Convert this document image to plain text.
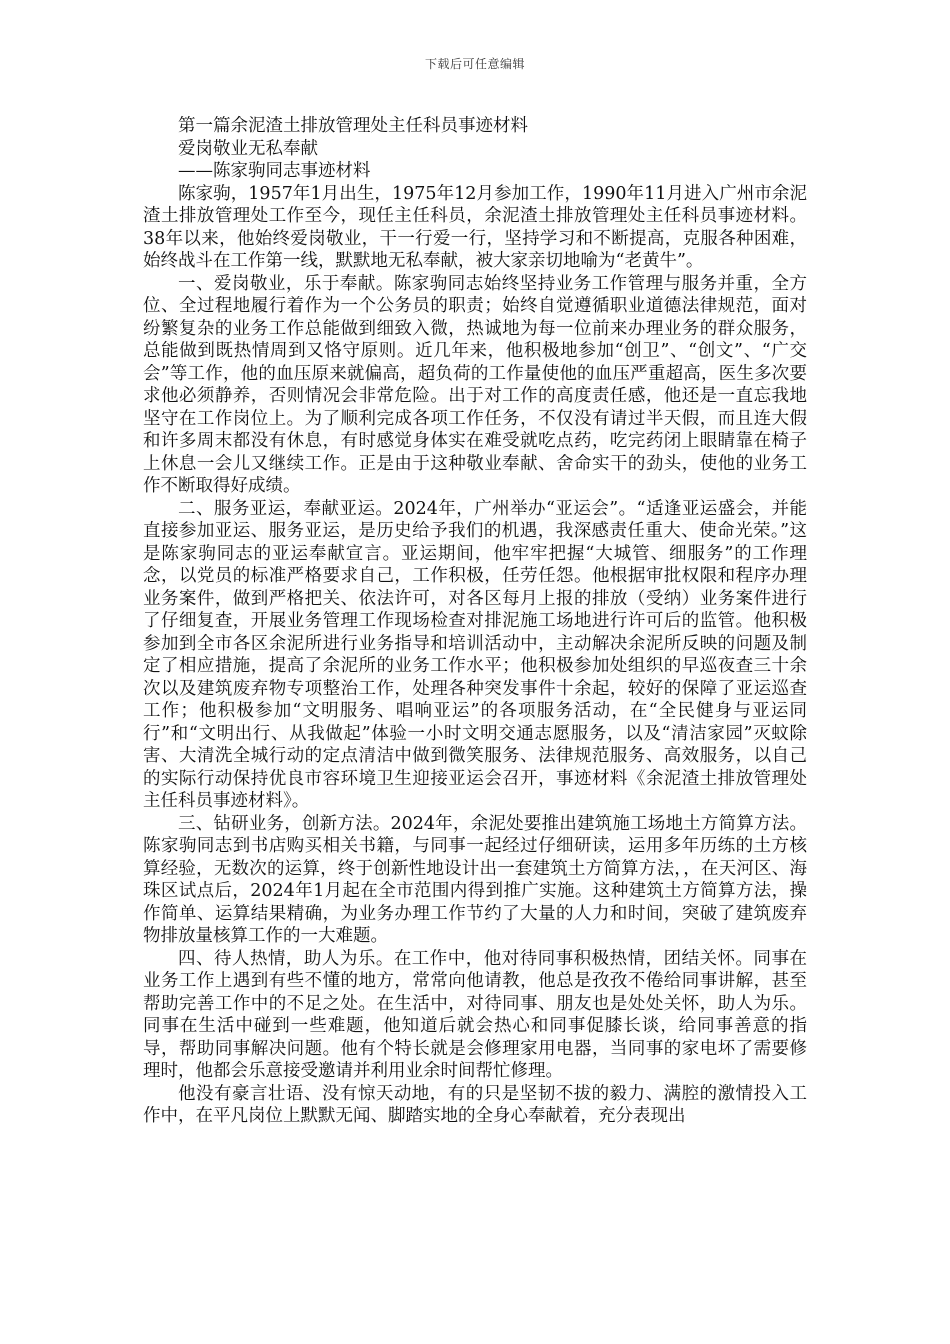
下载后可任意编辑

第一篇余泥渣土排放管理处主任科员事迹材料

爱岗敬业无私奉献

——陈家驹同志事迹材料

陈家驹，1957年1月出生，1975年12月参加工作，1990年11月进入广州市余泥渣土排放管理处工作至今，现任主任科员，余泥渣土排放管理处主任科员事迹材料。38年以来，他始终爱岗敬业，干一行爱一行，坚持学习和不断提高，克服各种困难，始终战斗在工作第一线，默默地无私奉献，被大家亲切地喻为“老黄牛”。

一、爱岗敬业，乐于奉献。陈家驹同志始终坚持业务工作管理与服务并重，全方位、全过程地履行着作为一个公务员的职责；始终自觉遵循职业道德法律规范，面对纷繁复杂的业务工作总能做到细致入微，热诚地为每一位前来办理业务的群众服务，总能做到既热情周到又恪守原则。近几年来，他积极地参加“创卫”、“创文”、“广交会”等工作，他的血压原来就偏高，超负荷的工作量使他的血压严重超高，医生多次要求他必须静养，否则情况会非常危险。出于对工作的高度责任感，他还是一直忘我地坚守在工作岗位上。为了顺利完成各项工作任务，不仅没有请过半天假，而且连大假和许多周末都没有休息，有时感觉身体实在难受就吃点药，吃完药闭上眼睛靠在椅子上休息一会儿又继续工作。正是由于这种敬业奉献、舍命实干的劲头，使他的业务工作不断取得好成绩。

二、服务亚运，奉献亚运。2024年，广州举办“亚运会”。“适逢亚运盛会，并能直接参加亚运、服务亚运，是历史给予我们的机遇，我深感责任重大、使命光荣。”这是陈家驹同志的亚运奉献宣言。亚运期间，他牢牢把握“大城管、细服务”的工作理念，以党员的标准严格要求自己，工作积极，任劳任怨。他根据审批权限和程序办理业务案件，做到严格把关、依法许可，对各区每月上报的排放（受纳）业务案件进行了仔细复查，开展业务管理工作现场检查对排泥施工场地进行许可后的监管。他积极参加到全市各区余泥所进行业务指导和培训活动中，主动解决余泥所反映的问题及制定了相应措施，提高了余泥所的业务工作水平；他积极参加处组织的早巡夜查三十余次以及建筑废弃物专项整治工作，处理各种突发事件十余起，较好的保障了亚运巡查工作；他积极参加“文明服务、唱响亚运”的各项服务活动，在“全民健身与亚运同行”和“文明出行、从我做起”体验一小时文明交通志愿服务，以及“清洁家园”灭蚊除害、大清洗全城行动的定点清洁中做到微笑服务、法律规范服务、高效服务，以自己的实际行动保持优良市容环境卫生迎接亚运会召开，事迹材料《余泥渣土排放管理处主任科员事迹材料》。

三、钻研业务，创新方法。2024年，余泥处要推出建筑施工场地土方简算方法。陈家驹同志到书店购买相关书籍，与同事一起经过仔细研读，运用多年历练的土方核算经验，无数次的运算，终于创新性地设计出一套建筑土方简算方法，，在天河区、海珠区试点后，2024年1月起在全市范围内得到推广实施。这种建筑土方简算方法，操作简单、运算结果精确，为业务办理工作节约了大量的人力和时间，突破了建筑废弃物排放量核算工作的一大难题。

四、待人热情，助人为乐。在工作中，他对待同事积极热情，团结关怀。同事在业务工作上遇到有些不懂的地方，常常向他请教，他总是孜孜不倦给同事讲解，甚至帮助完善工作中的不足之处。在生活中，对待同事、朋友也是处处关怀，助人为乐。同事在生活中碰到一些难题，他知道后就会热心和同事促膝长谈，给同事善意的指导，帮助同事解决问题。他有个特长就是会修理家用电器，当同事的家电坏了需要修理时，他都会乐意接受邀请并利用业余时间帮忙修理。

他没有豪言壮语、没有惊天动地，有的只是坚韧不拔的毅力、满腔的激情投入工作中，在平凡岗位上默默无闻、脚踏实地的全身心奉献着，充分表现出
